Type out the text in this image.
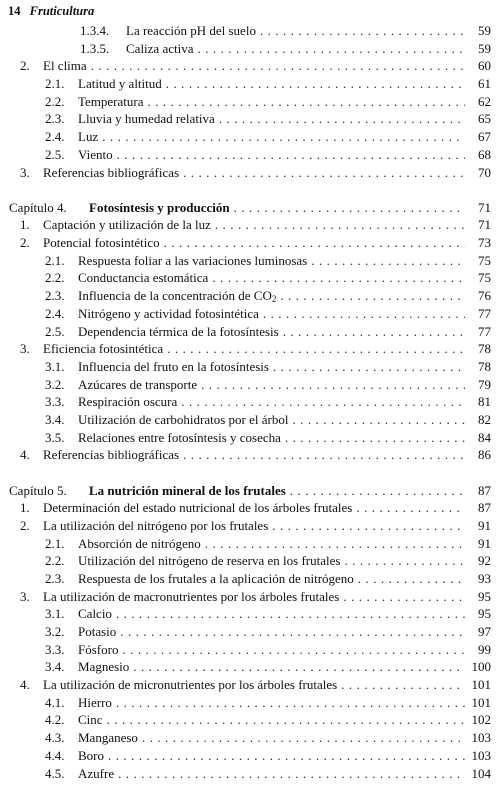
14 Fruticultura
1.3.4. La reacción pH del suelo . . .	59
1.3.5. Caliza activa . . .	59
2. El clima . . .	60
2.1. Latitud y altitud . . .	61
2.2. Temperatura . . .	62
2.3. Lluvia y humedad relativa . . .	65
2.4. Luz . . .	67
2.5. Viento . . .	68
3. Referencias bibliográficas . . .	70
Capítulo 4. Fotosíntesis y producción . . .	71
1. Captación y utilización de la luz . . .	71
2. Potencial fotosintético . . .	73
2.1. Respuesta foliar a las variaciones luminosas . . .	75
2.2. Conductancia estomática . . .	75
2.3. Influencia de la concentración de $CO_2$ . . .	76
2.4. Nitrógeno y actividad fotosintética . . .	77
2.5. Dependencia térmica de la fotosíntesis . . .	77
3. Eficiencia fotosintética . . .	78
3.1. Influencia del fruto en la fotosíntesis . . .	78
3.2. Azúcares de transporte . . .	79
3.3. Respiración oscura . . .	81
3.4. Utilización de carbohidratos por el árbol . . .	82
3.5. Relaciones entre fotosíntesis y cosecha . . .	84
4. Referencias bibliográficas . . .	86
Capítulo 5. La nutrición mineral de los frutales . . .	87
1. Determinación del estado nutricional de los árboles frutales . . .	87
2. La utilización del nitrógeno por los frutales . . .	91
2.1. Absorción de nitrógeno . . .	91
2.2. Utilización del nitrógeno de reserva en los frutales . . .	92
2.3. Respuesta de los frutales a la aplicación de nitrógeno . . .	93
3. La utilización de macronutrientes por los árboles frutales . . .	95
3.1. Calcio . . .	95
3.2. Potasio . . .	97
3.3. Fósforo . . .	99
3.4. Magnesio . . .	100
4. La utilización de micronutrientes por los árboles frutales . . .	101
4.1. Hierro . . .	101
4.2. Cinc . . .	102
4.3. Manganeso . . .	103
4.4. Boro . . .	103
4.5. Azufre . . .	104
